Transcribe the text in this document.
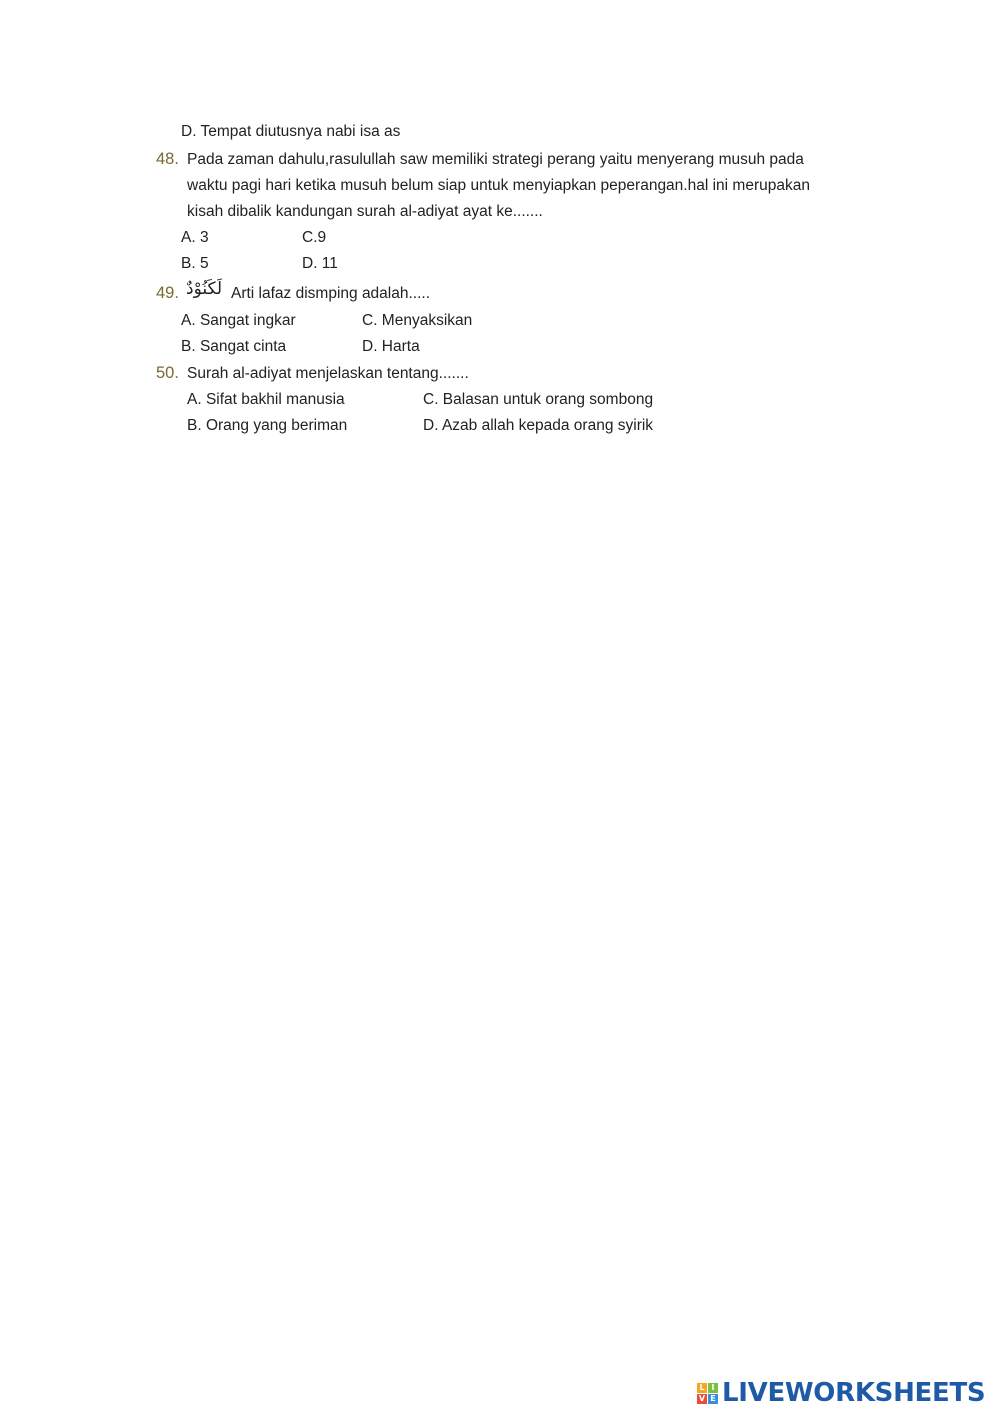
D. Tempat diutusnya nabi isa as
48. Pada zaman dahulu,rasulullah saw memiliki strategi perang yaitu menyerang musuh pada
waktu pagi hari ketika musuh belum siap untuk menyiapkan peperangan.hal ini merupakan
kisah dibalik kandungan surah al-adiyat ayat ke.......
A. 3	C.9
B. 5	D. 11
49. لَكَنُوْدٌ Arti lafaz dismping adalah.....
A. Sangat ingkar	C. Menyaksikan
B. Sangat cinta	D. Harta
50. Surah al-adiyat menjelaskan tentang.......
A. Sifat bakhil manusia	C. Balasan untuk orang sombong
B. Orang yang beriman	D. Azab allah kepada orang syirik
L I
V E LIVEWORKSHEETS
